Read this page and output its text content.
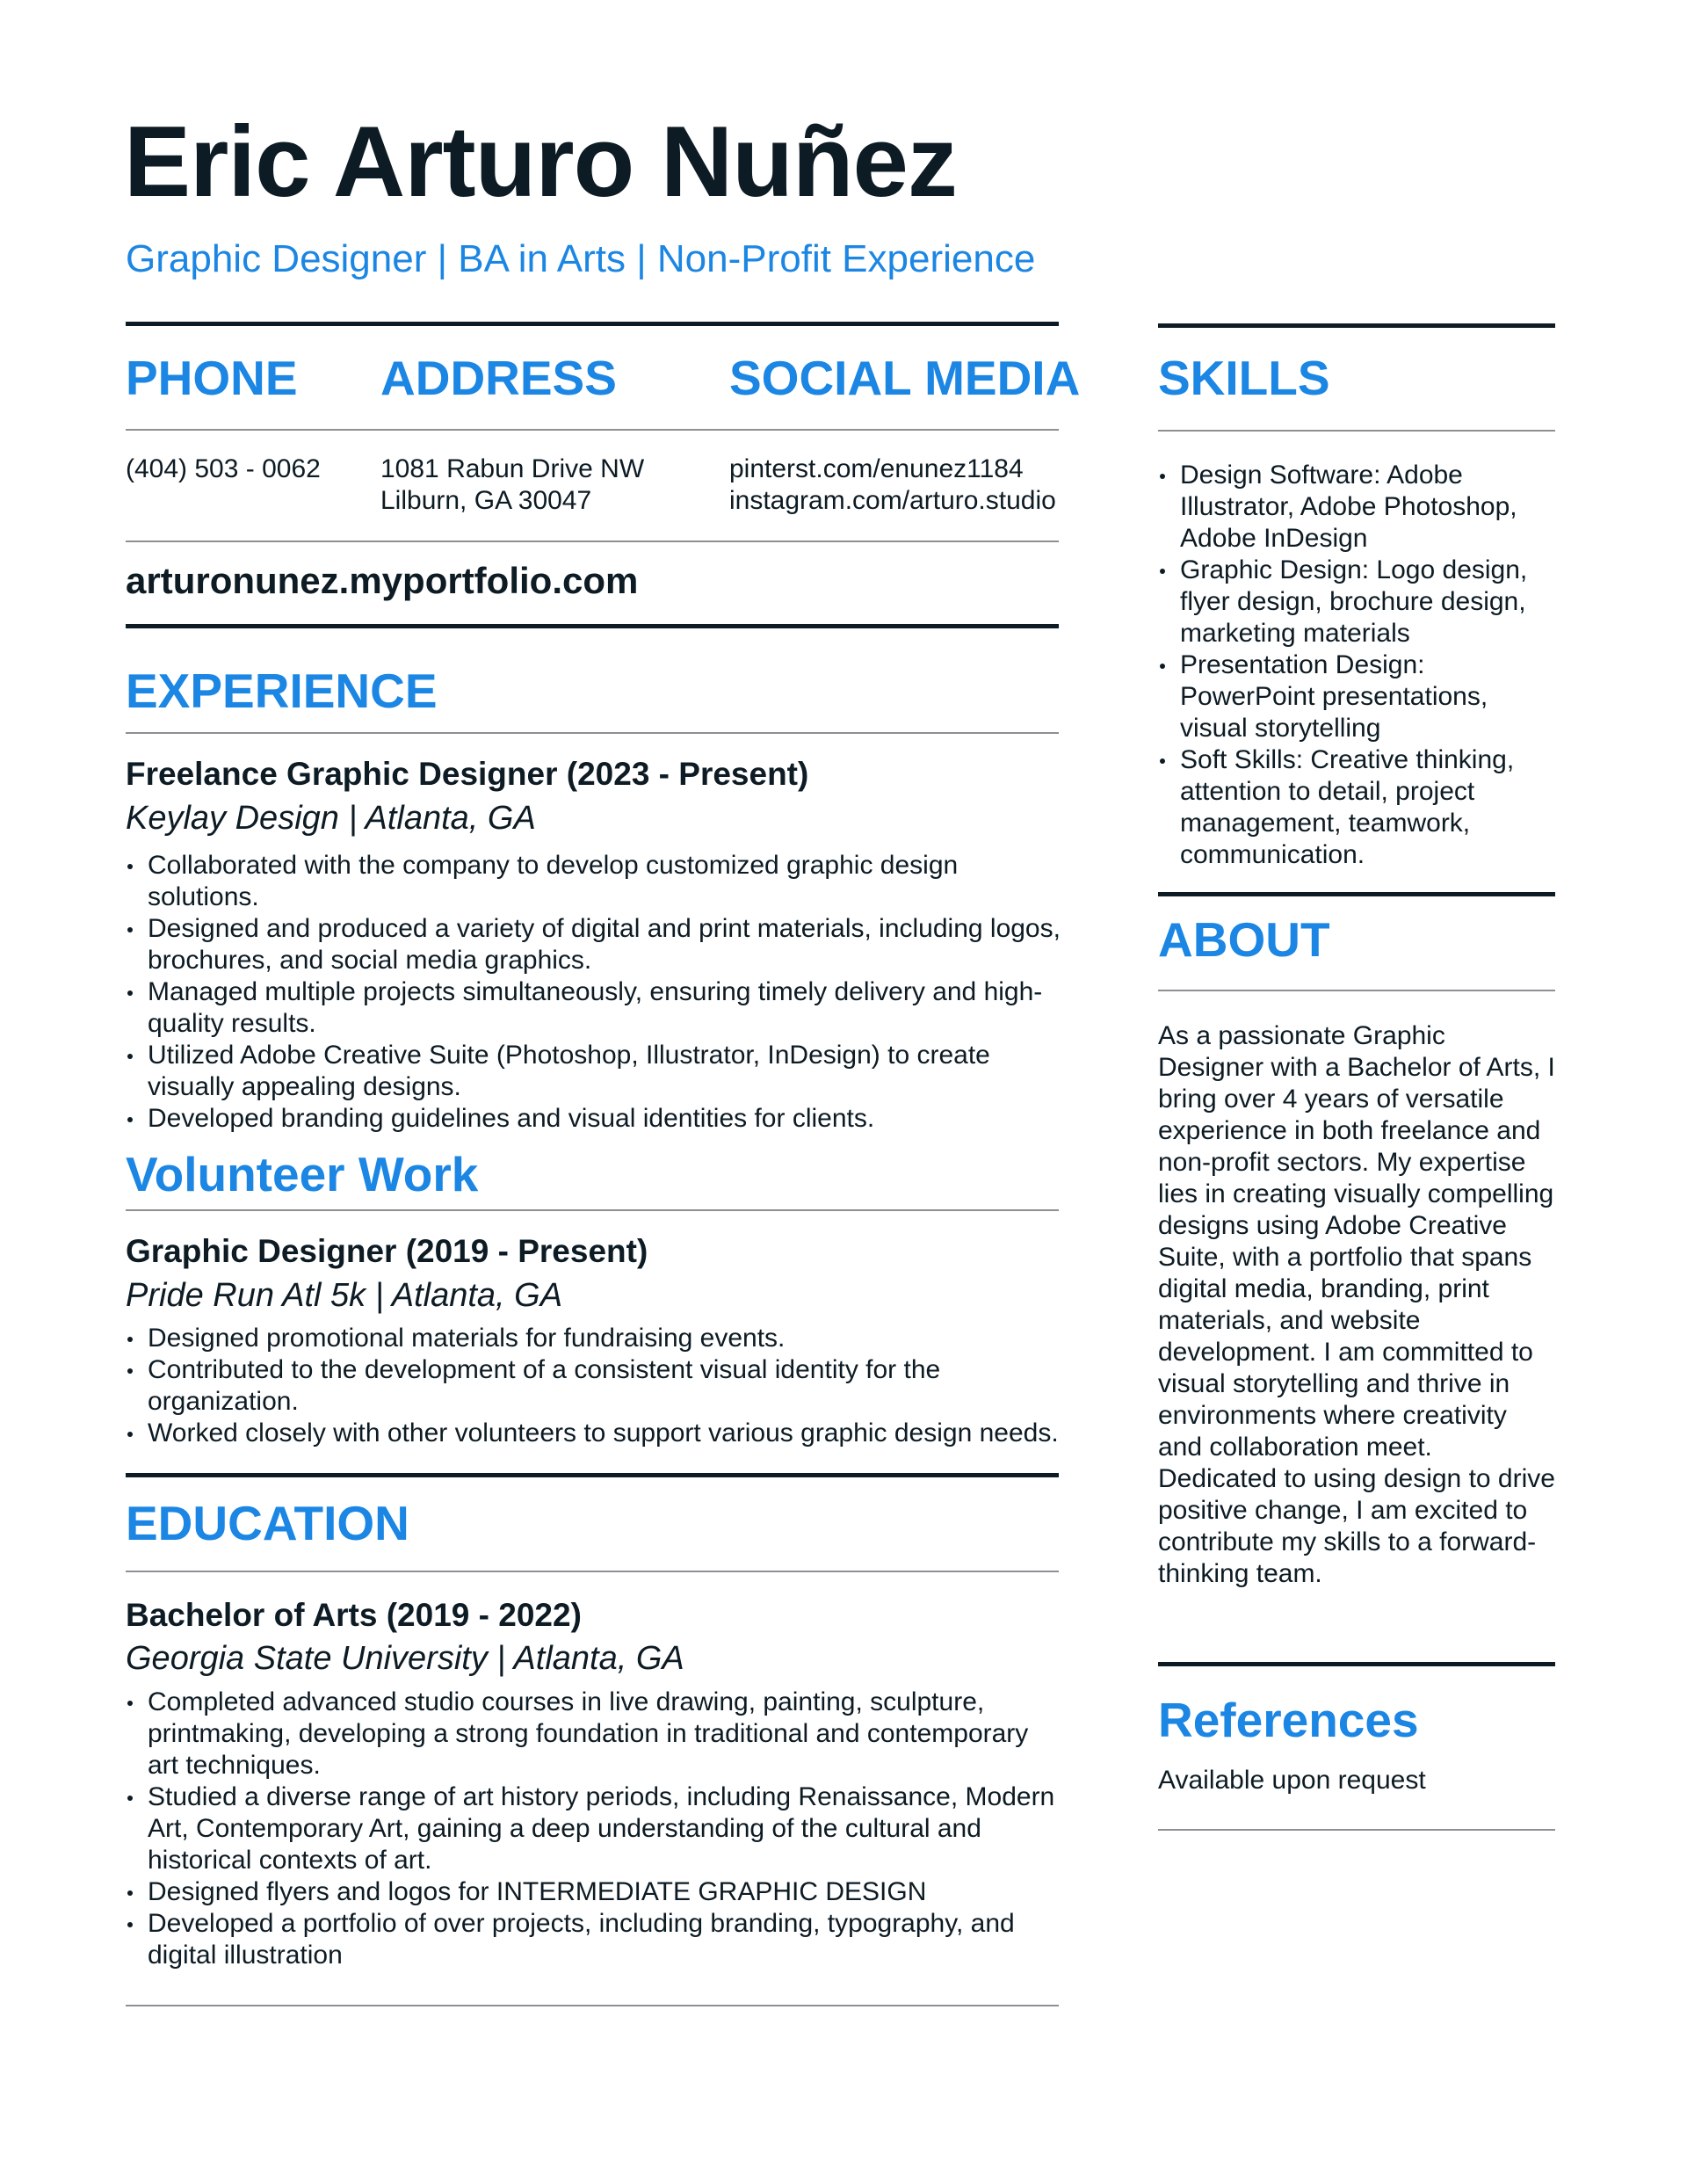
Eric Arturo Nuñez
Graphic Designer | BA in Arts | Non-Profit Experience
PHONE ADDRESS SOCIAL MEDIA
(404) 503 - 0062 1081 Rabun Drive NW
Lilburn, GA 30047
pinterst.com/enunez1184
instagram.com/arturo.studio
arturonunez.myportfolio.com
EXPERIENCE
Freelance Graphic Designer (2023 - Present)
Keylay Design | Atlanta, GA
Collaborated with the company to develop customized graphic design solutions.
Designed and produced a variety of digital and print materials, including logos, brochures, and social media graphics.
Managed multiple projects simultaneously, ensuring timely delivery and high-quality results.
Utilized Adobe Creative Suite (Photoshop, Illustrator, InDesign) to create visually appealing designs.
Developed branding guidelines and visual identities for clients.
Volunteer Work
Graphic Designer (2019 - Present)
Pride Run Atl 5k | Atlanta, GA
Designed promotional materials for fundraising events.
Contributed to the development of a consistent visual identity for the organization.
Worked closely with other volunteers to support various graphic design needs.
EDUCATION
Bachelor of Arts (2019 - 2022)
Georgia State University | Atlanta, GA
Completed advanced studio courses in live drawing, painting, sculpture, printmaking, developing a strong foundation in traditional and contemporary art techniques.
Studied a diverse range of art history periods, including Renaissance, Modern Art, Contemporary Art, gaining a deep understanding of the cultural and historical contexts of art.
Designed flyers and logos for INTERMEDIATE GRAPHIC DESIGN
Developed a portfolio of over projects, including branding, typography, and digital illustration
SKILLS
Design Software: Adobe Illustrator, Adobe Photoshop, Adobe InDesign
Graphic Design: Logo design, flyer design, brochure design, marketing materials
Presentation Design: PowerPoint presentations, visual storytelling
Soft Skills: Creative thinking, attention to detail, project management, teamwork, communication.
ABOUT
As a passionate Graphic Designer with a Bachelor of Arts, I bring over 4 years of versatile experience in both freelance and non-profit sectors. My expertise lies in creating visually compelling designs using Adobe Creative Suite, with a portfolio that spans digital media, branding, print materials, and website development. I am committed to visual storytelling and thrive in environments where creativity and collaboration meet. Dedicated to using design to drive positive change, I am excited to contribute my skills to a forward-thinking team.
References
Available upon request
